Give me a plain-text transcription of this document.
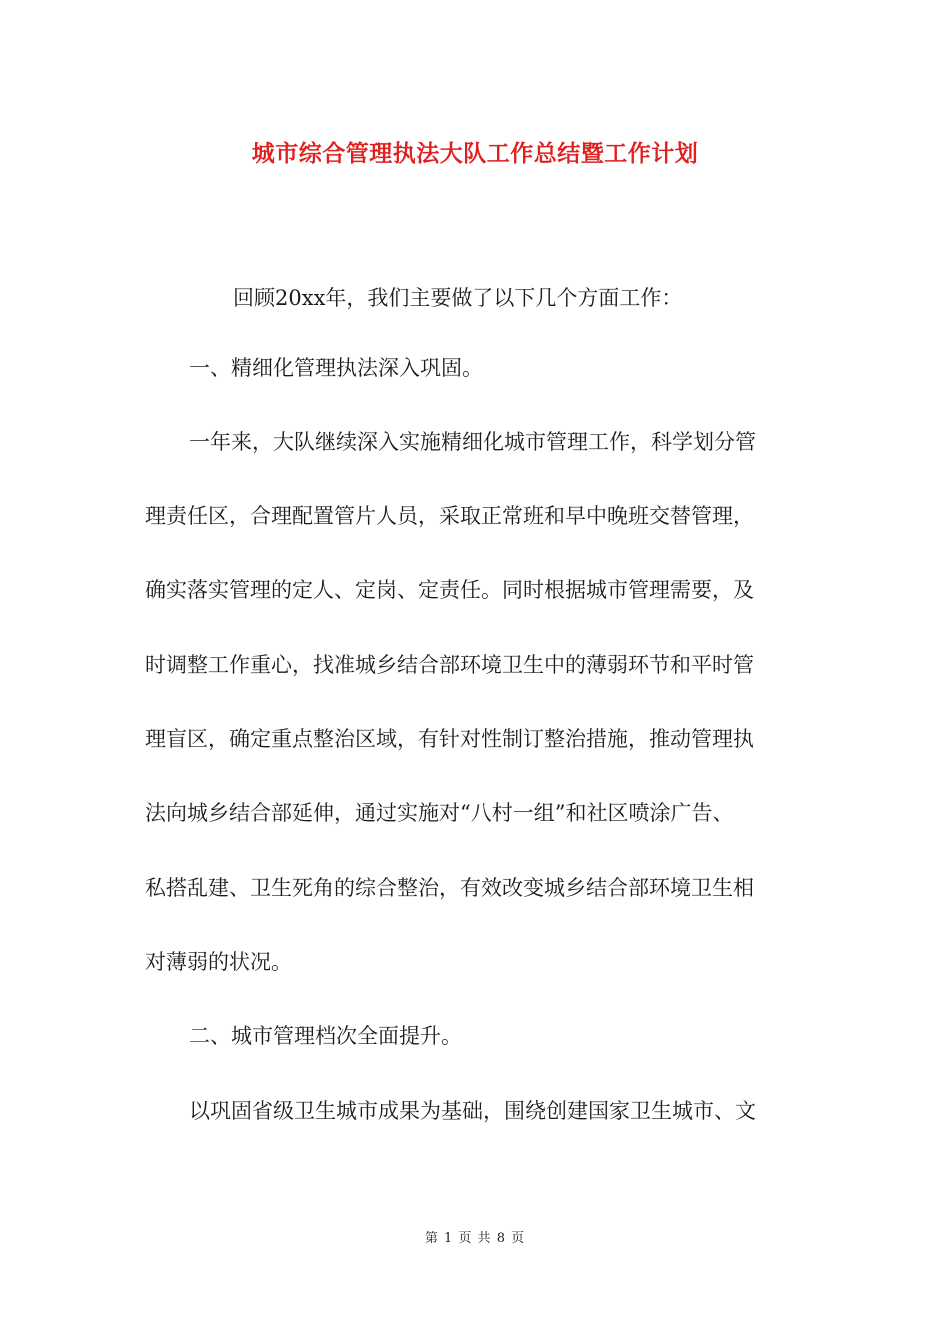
城市综合管理执法大队工作总结暨工作计划

回顾20xx年，我们主要做了以下几个方面工作：

一、精细化管理执法深入巩固。

一年来，大队继续深入实施精细化城市管理工作，科学划分管

理责任区，合理配置管片人员，采取正常班和早中晚班交替管理，

确实落实管理的定人、定岗、定责任。同时根据城市管理需要，及

时调整工作重心，找准城乡结合部环境卫生中的薄弱环节和平时管

理盲区，确定重点整治区域，有针对性制订整治措施，推动管理执

法向城乡结合部延伸，通过实施对“八村一组”和社区喷涂广告、

私搭乱建、卫生死角的综合整治，有效改变城乡结合部环境卫生相

对薄弱的状况。

二、城市管理档次全面提升。

以巩固省级卫生城市成果为基础，围绕创建国家卫生城市、文

第 1 页 共 8 页
